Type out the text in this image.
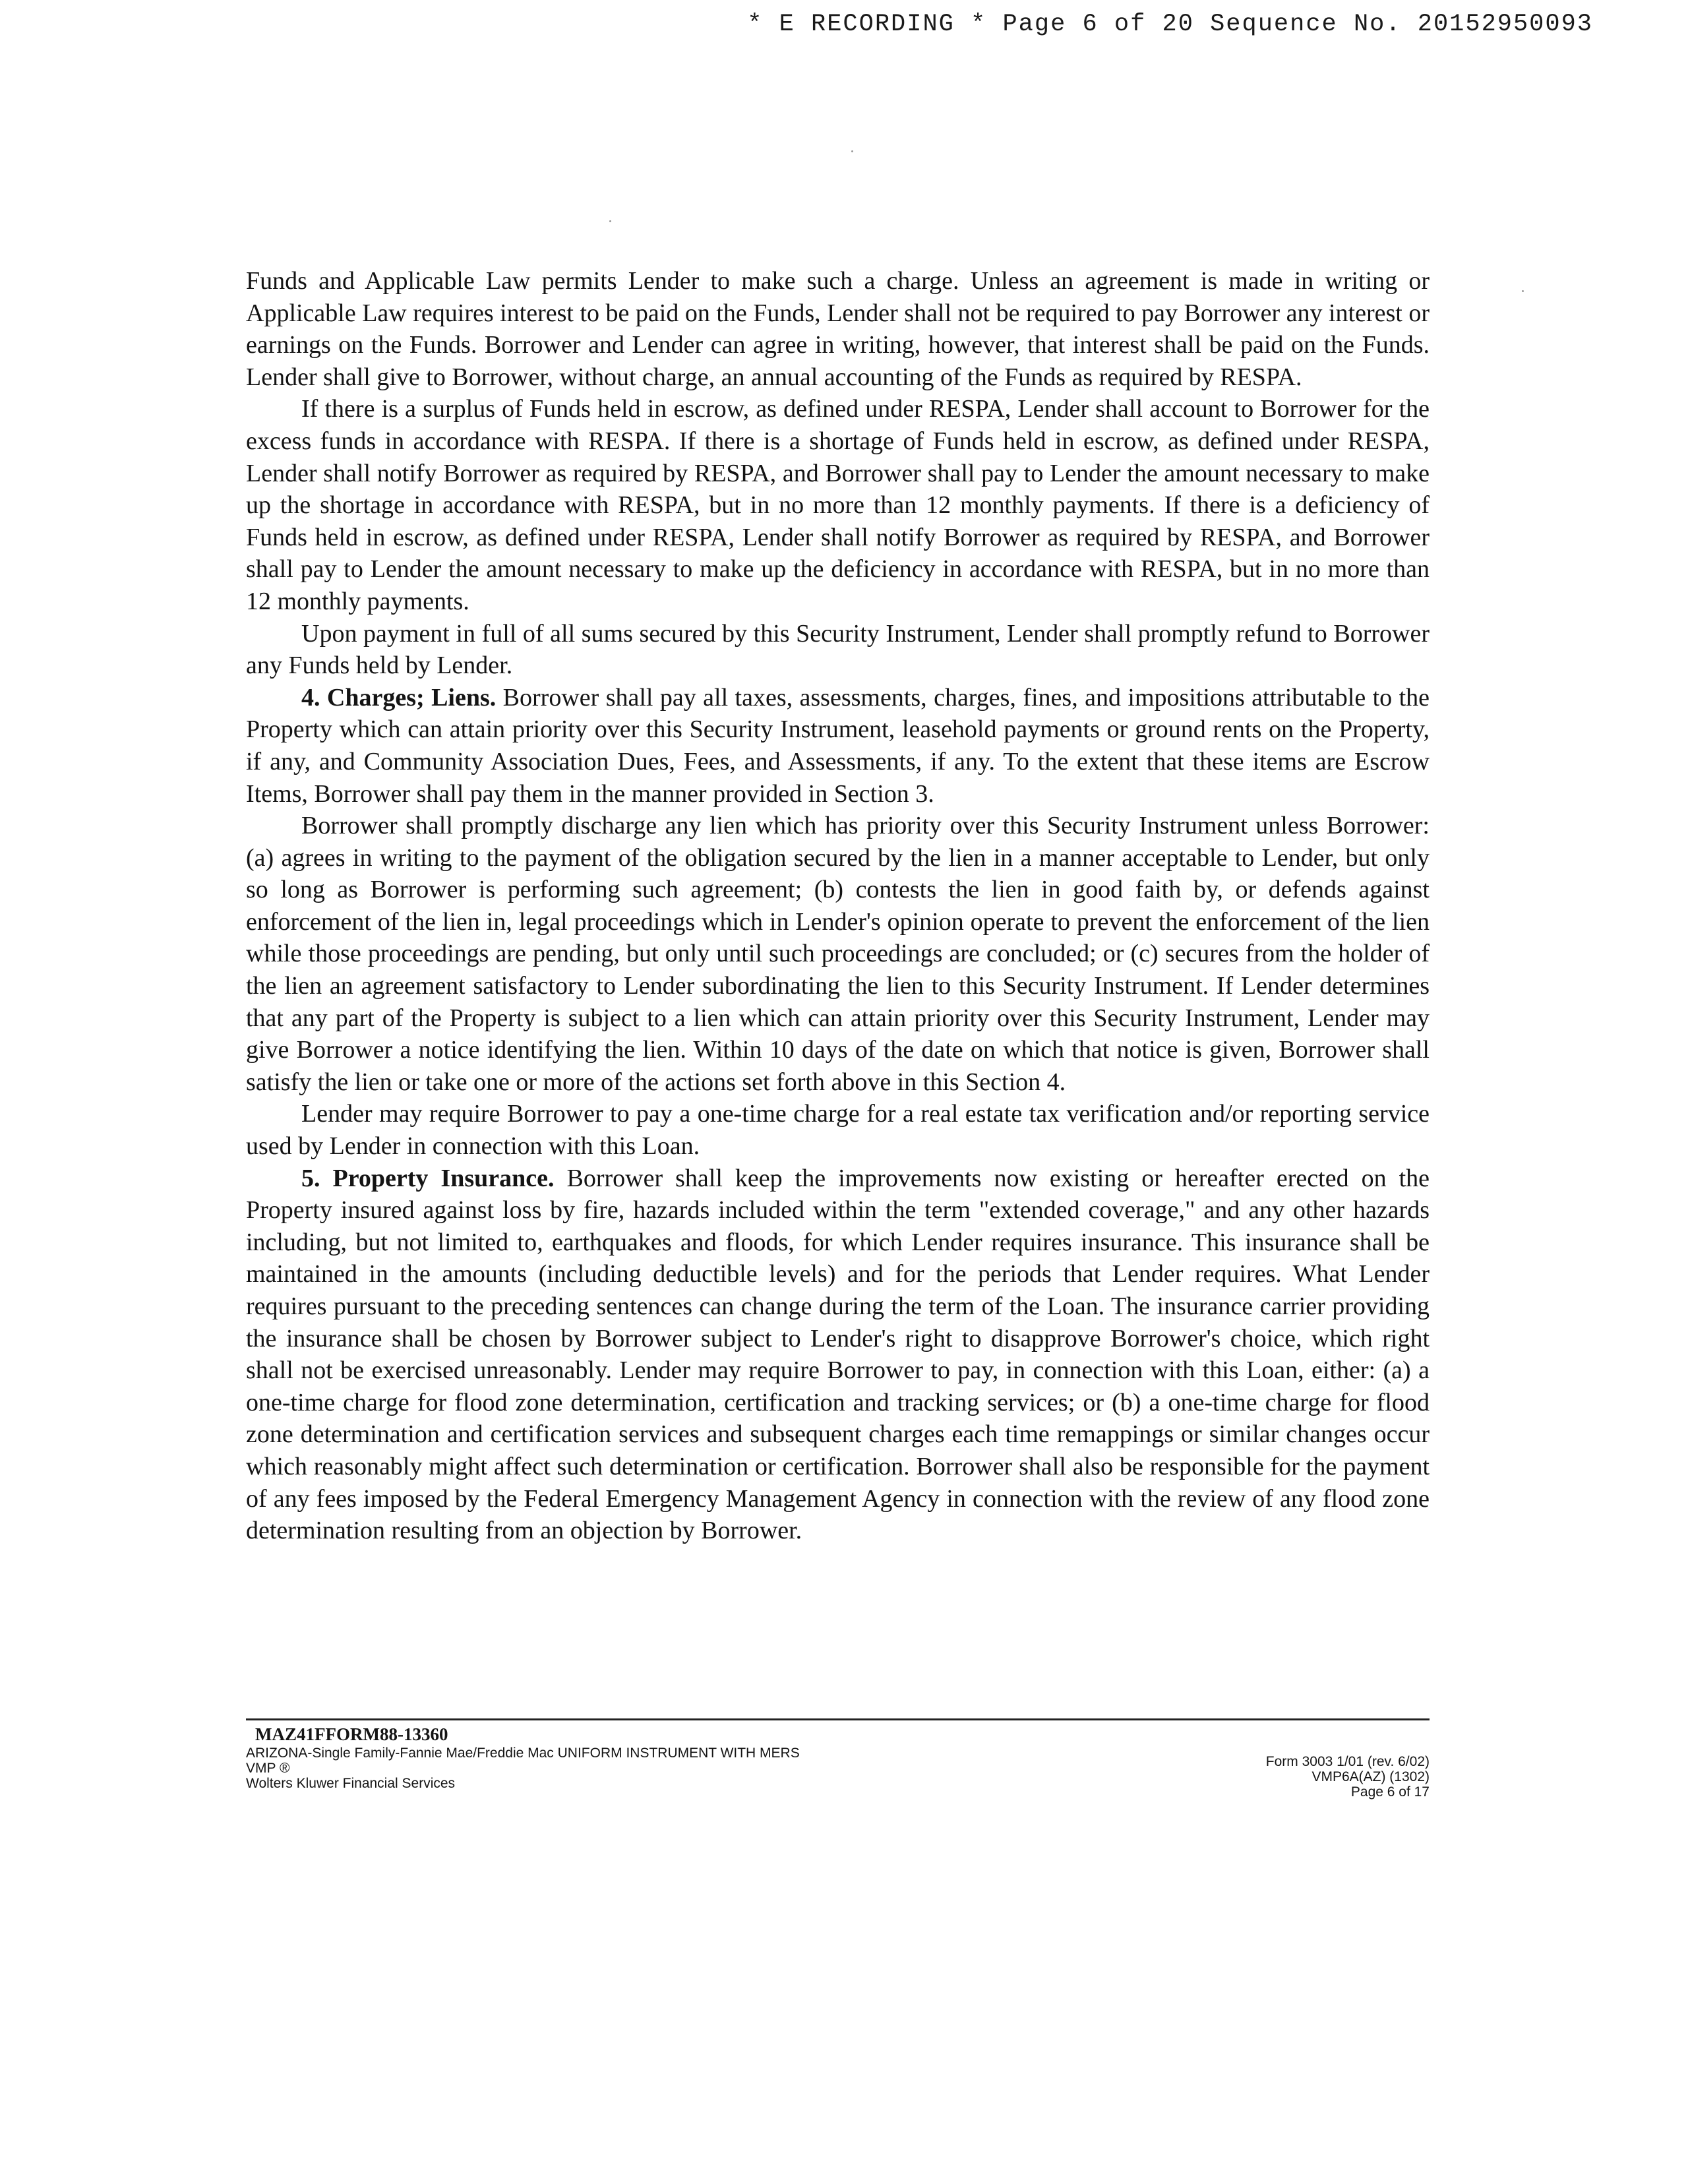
* E RECORDING * Page 6 of 20 Sequence No. 20152950093

Funds and Applicable Law permits Lender to make such a charge. Unless an agreement is made in writing or Applicable Law requires interest to be paid on the Funds, Lender shall not be required to pay Borrower any interest or earnings on the Funds. Borrower and Lender can agree in writing, however, that interest shall be paid on the Funds. Lender shall give to Borrower, without charge, an annual accounting of the Funds as required by RESPA.

If there is a surplus of Funds held in escrow, as defined under RESPA, Lender shall account to Borrower for the excess funds in accordance with RESPA. If there is a shortage of Funds held in escrow, as defined under RESPA, Lender shall notify Borrower as required by RESPA, and Borrower shall pay to Lender the amount necessary to make up the shortage in accordance with RESPA, but in no more than 12 monthly payments. If there is a deficiency of Funds held in escrow, as defined under RESPA, Lender shall notify Borrower as required by RESPA, and Borrower shall pay to Lender the amount necessary to make up the deficiency in accordance with RESPA, but in no more than 12 monthly payments.

Upon payment in full of all sums secured by this Security Instrument, Lender shall promptly refund to Borrower any Funds held by Lender.

4. Charges; Liens. Borrower shall pay all taxes, assessments, charges, fines, and impositions attributable to the Property which can attain priority over this Security Instrument, leasehold payments or ground rents on the Property, if any, and Community Association Dues, Fees, and Assessments, if any. To the extent that these items are Escrow Items, Borrower shall pay them in the manner provided in Section 3.

Borrower shall promptly discharge any lien which has priority over this Security Instrument unless Borrower: (a) agrees in writing to the payment of the obligation secured by the lien in a manner acceptable to Lender, but only so long as Borrower is performing such agreement; (b) contests the lien in good faith by, or defends against enforcement of the lien in, legal proceedings which in Lender's opinion operate to prevent the enforcement of the lien while those proceedings are pending, but only until such proceedings are concluded; or (c) secures from the holder of the lien an agreement satisfactory to Lender subordinating the lien to this Security Instrument. If Lender determines that any part of the Property is subject to a lien which can attain priority over this Security Instrument, Lender may give Borrower a notice identifying the lien. Within 10 days of the date on which that notice is given, Borrower shall satisfy the lien or take one or more of the actions set forth above in this Section 4.

Lender may require Borrower to pay a one-time charge for a real estate tax verification and/or reporting service used by Lender in connection with this Loan.

5. Property Insurance. Borrower shall keep the improvements now existing or hereafter erected on the Property insured against loss by fire, hazards included within the term "extended coverage," and any other hazards including, but not limited to, earthquakes and floods, for which Lender requires insurance. This insurance shall be maintained in the amounts (including deductible levels) and for the periods that Lender requires. What Lender requires pursuant to the preceding sentences can change during the term of the Loan. The insurance carrier providing the insurance shall be chosen by Borrower subject to Lender's right to disapprove Borrower's choice, which right shall not be exercised unreasonably. Lender may require Borrower to pay, in connection with this Loan, either: (a) a one-time charge for flood zone determination, certification and tracking services; or (b) a one-time charge for flood zone determination and certification services and subsequent charges each time remappings or similar changes occur which reasonably might affect such determination or certification. Borrower shall also be responsible for the payment of any fees imposed by the Federal Emergency Management Agency in connection with the review of any flood zone determination resulting from an objection by Borrower.

MAZ41FFORM88-13360
ARIZONA-Single Family-Fannie Mae/Freddie Mac UNIFORM INSTRUMENT WITH MERS
VMP ®
Wolters Kluwer Financial Services
Form 3003 1/01 (rev. 6/02)
VMP6A(AZ) (1302)
Page 6 of 17
